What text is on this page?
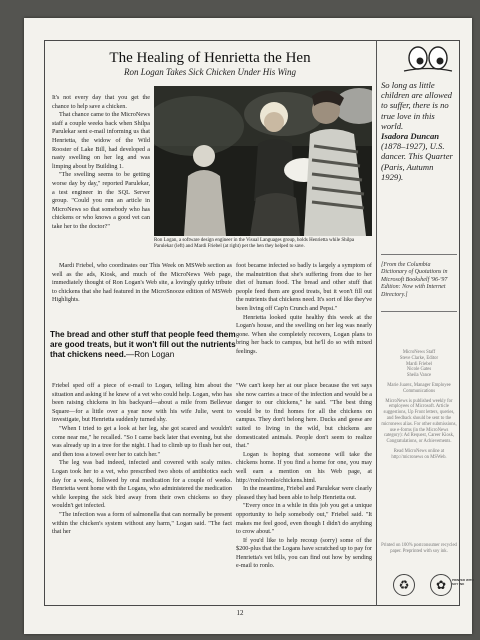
The Healing of Henrietta the Hen
Ron Logan Takes Sick Chicken Under His Wing

It's not every day that you get the chance to help save a chicken.

That chance came to the MicroNews staff a couple weeks back when Shilpa Parulekar sent e-mail informing us that Henrietta, the widow of the Wild Rooster of Lake Bill, had developed a nasty swelling on her leg and was limping about by Building 1.

"The swelling seems to be getting worse day by day," reported Parulekar, a test engineer in the SQL Server group. "Could you run an article in MicroNews so that somebody who has chickens or who knows a good vet can take her to the doctor?"

Ron Logan, a software design engineer in the Visual Languages group, holds Henrietta while Shilpa Parulekar (left) and Mardi Friebel (at right) pet the hen they helped to save.

Mardi Friebel, who coordinates our This Week on MSWeb section as well as the ads, Kiosk, and much of the MicroNews Web page, immediately thought of Ron Logan's Web site, a lovingly quirky tribute to chickens that she had featured in the MicroSnooze edition of MSWeb Highlights.

foot became infected so badly is largely a symptom of the malnutrition that she's suffering from due to her diet of human food. The bread and other stuff that people feed them are good treats, but it won't fill out the nutrients that chickens need. It's sort of like they've been living off Cap'n Crunch and Pepsi."

Henrietta looked quite healthy this week at the Logan's house, and the swelling on her leg was nearly gone. When she completely recovers, Logan plans to bring her back to campus, but he'll do so with mixed feelings.

The bread and other stuff that people feed them are good treats, but it won't fill out the nutrients that chickens need.—Ron Logan

Friebel sped off a piece of e-mail to Logan, telling him about the situation and asking if he knew of a vet who could help. Logan, who has been raising chickens in his backyard—about a mile from Bellevue Square—for a little over a year now with his wife Julie, went to investigate, but Henrietta suddenly turned shy.

"When I tried to get a look at her leg, she got scared and wouldn't come near me," he recalled. "So I came back later that evening, but she was already up in a tree for the night. I had to climb up to flush her out, and then toss a towel over her to catch her."

The leg was bad indeed, infected and covered with scaly mites. Logan took her to a vet, who prescribed two shots of antibiotics each day for a week, followed by oral medication for a couple of weeks. Henrietta went home with the Logans, who administered the medication while keeping the sick bird away from their own chickens so they wouldn't get infected.

"The infection was a form of salmonella that can normally be present within the chicken's system without any harm," Logan said. "The fact that her

"We can't keep her at our place because the vet says she now carries a trace of the infection and would be a danger to our chickens," he said. "The best thing would be to find homes for all the chickens on campus. They don't belong here. Ducks and geese are suited to living in the wild, but chickens are domesticated animals. People don't seem to realize that."

Logan is hoping that someone will take the chickens home. If you find a home for one, you may well earn a mention on his Web page, at http://ronlo/ronlo/chickens.html.

In the meantime, Friebel and Parulekar were clearly pleased they had been able to help Henrietta out.

"Every once in a while in this job you get a unique opportunity to help somebody out," Friebel said. "It makes me feel good, even though I didn't do anything to crow about."

If you'd like to help recoup (sorry) some of the $200-plus that the Logans have scratched up to pay for Henrietta's vet bills, you can find out how by sending e-mail to ronlo.

So long as little children are allowed to suffer, there is no true love in this world.
Isadora Duncan
(1878–1927), U.S. dancer. This Quarter (Paris, Autumn 1929).
[From the Columbia Dictionary of Quotations in Microsoft Bookshelf '96-'97 Edition: Now with Internet Directory.]
MicroNews Staff
Steve Clarke, Editor
Mardi Friebel
Nicole Gates
Sheila Vance
Marie Juarez, Manager Employee Communications
MicroNews is published weekly for employees of Microsoft. Article suggestions, Up Front letters, queries, and feedback should be sent to the micronews alias. For other submissions, use e-forms (in the MicroNews category): Ad Request, Career Kiosk, Congratulations, or Achievements.
Read MicroNews online at http://micronews on MSWeb.
Printed on 100% postconsumer recycled paper. Preprinted with soy ink.
♻	✿	PRINTED WITH SOY INK
12
